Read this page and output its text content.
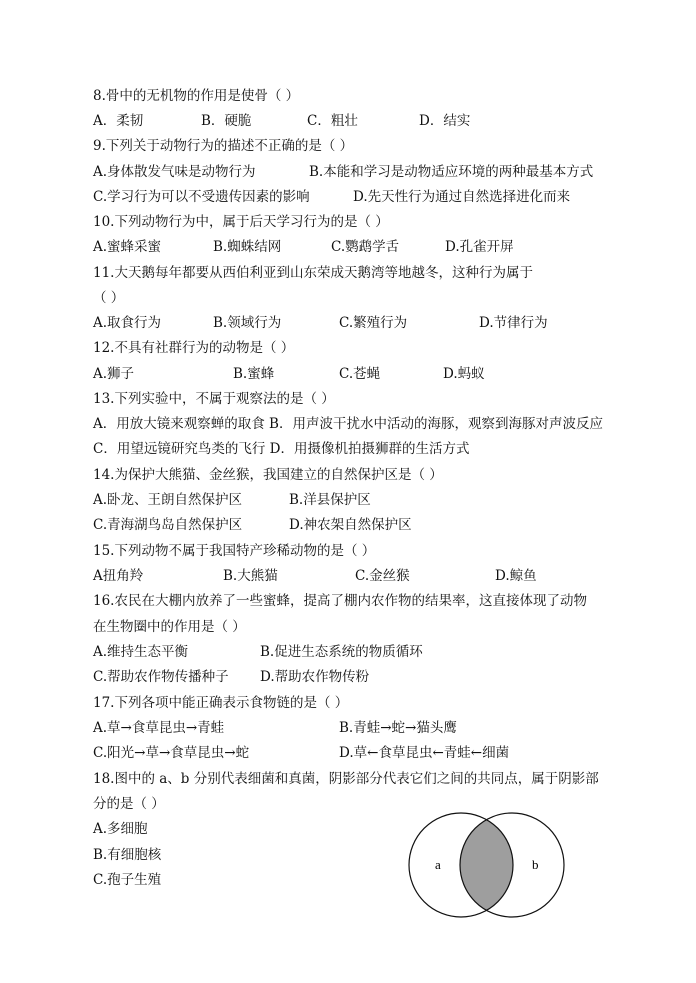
8.骨中的无机物的作用是使骨（ ）
A．柔韧	B．硬脆	C．粗壮	D．结实
9.下列关于动物行为的描述不正确的是（ ）
A.身体散发气味是动物行为	B.本能和学习是动物适应环境的两种最基本方式
C.学习行为可以不受遗传因素的影响	D.先天性行为通过自然选择进化而来
10.下列动物行为中，属于后天学习行为的是（ ）
A.蜜蜂采蜜	B.蜘蛛结网	C.鹦鹉学舌	D.孔雀开屏
11.大天鹅每年都要从西伯利亚到山东荣成天鹅湾等地越冬，这种行为属于
（ ）
A.取食行为	B.领域行为	C.繁殖行为	D.节律行为
12.不具有社群行为的动物是（ ）
A.狮子	B.蜜蜂	C.苍蝇	D.蚂蚁
13.下列实验中，不属于观察法的是（ ）
A．用放大镜来观察蝉的取食 B．用声波干扰水中活动的海豚，观察到海豚对声波反应
C．用望远镜研究鸟类的飞行 D．用摄像机拍摄狮群的生活方式
14.为保护大熊猫、金丝猴，我国建立的自然保护区是（ ）
A.卧龙、王朗自然保护区	B.洋县保护区
C.青海湖鸟岛自然保护区	D.神农架自然保护区
15.下列动物不属于我国特产珍稀动物的是（ ）
A扭角羚	B.大熊猫	C.金丝猴	D.鲸鱼
16.农民在大棚内放养了一些蜜蜂，提高了棚内农作物的结果率，这直接体现了动物
在生物圈中的作用是（ ）
A.维持生态平衡	B.促进生态系统的物质循环
C.帮助农作物传播种子 D.帮助农作物传粉
17.下列各项中能正确表示食物链的是（ ）
A.草→食草昆虫→青蛙	B.青蛙→蛇→猫头鹰
C.阳光→草→食草昆虫→蛇	D.草←食草昆虫←青蛙←细菌
18.图中的 a、b 分别代表细菌和真菌，阴影部分代表它们之间的共同点，属于阴影部
分的是（ ）
A.多细胞
B.有细胞核
C.孢子生殖
a	b
